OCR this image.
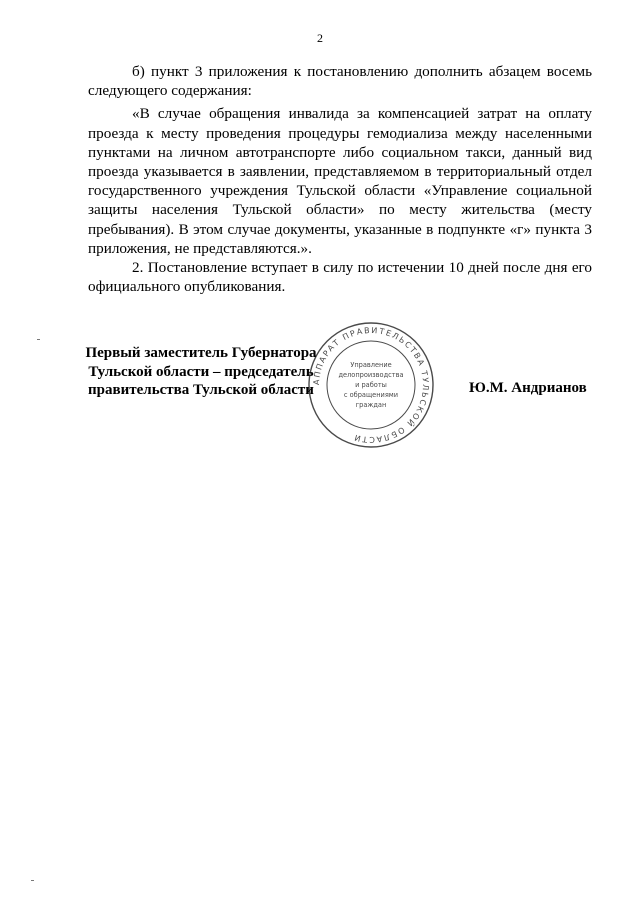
2

б) пункт 3 приложения к постановлению дополнить абзацем восемь следующего содержания:

«В случае обращения инвалида за компенсацией затрат на оплату проезда к месту проведения процедуры гемодиализа между населенными пунктами на личном автотранспорте либо социальном такси, данный вид проезда указывается в заявлении, представляемом в территориальный отдел государственного учреждения Тульской области «Управление социальной защиты населения Тульской области» по месту жительства (месту пребывания). В этом случае документы, указанные в подпункте «г» пункта 3 приложения, не представляются.».

2. Постановление вступает в силу по истечении 10 дней после дня его официального опубликования.

АППАРАТ ПРАВИТЕЛЬСТВА ТУЛЬСКОЙ ОБЛАСТИ
Управление
делопроизводства
и работы
с обращениями
граждан
Первый заместитель Губернатора
Тульской области – председатель
правительства Тульской области	Ю.М. Андрианов
